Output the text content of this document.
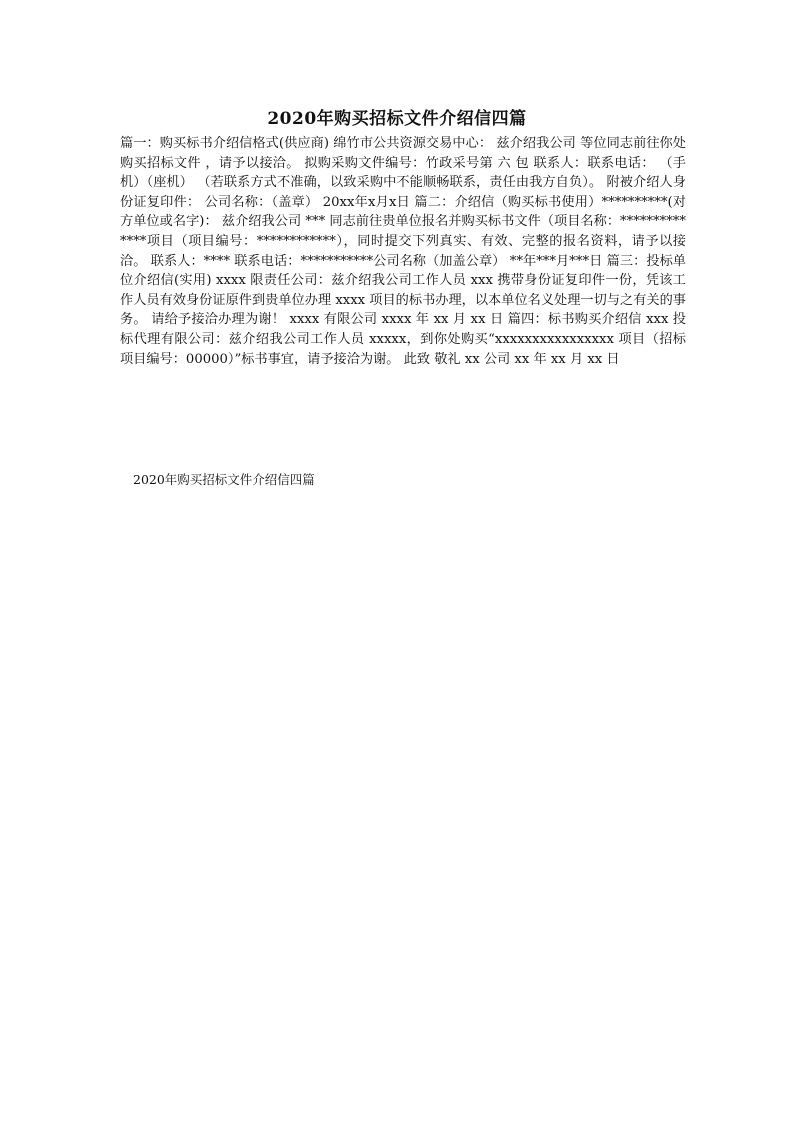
2020年购买招标文件介绍信四篇

篇一：购买标书介绍信格式(供应商) 绵竹市公共资源交易中心： 兹介绍我公司 等位同志前往你处 购买招标文件 ，请予以接洽。 拟购采购文件编号：竹政采号第 六 包 联系人：联系电话： （手机）（座机） （若联系方式不准确，以致采购中不能顺畅联系，责任由我方自负）。 附被介绍人身份证复印件： 公司名称：（盖章） 20xx年x月x日 篇二：介绍信（购买标书使用）**********(对方单位或名字)： 兹介绍我公司 *** 同志前往贵单位报名并购买标书文件（项目名称：**************项目（项目编号：************），同时提交下列真实、有效、完整的报名资料，请予以接洽。 联系人：**** 联系电话：***********公司名称（加盖公章） **年***月***日 篇三：投标单位介绍信(实用) xxxx 限责任公司：兹介绍我公司工作人员 xxx 携带身份证复印件一份，凭该工作人员有效身份证原件到贵单位办理 xxxx 项目的标书办理，以本单位名义处理一切与之有关的事务。 请给予接洽办理为谢！ xxxx 有限公司 xxxx 年 xx 月 xx 日 篇四：标书购买介绍信 xxx 投标代理有限公司：兹介绍我公司工作人员 xxxxx，到你处购买“xxxxxxxxxxxxxxxx 项目（招标项目编号：00000）”标书事宜，请予接洽为谢。 此致 敬礼 xx 公司 xx 年 xx 月 xx 日

2020年购买招标文件介绍信四篇
